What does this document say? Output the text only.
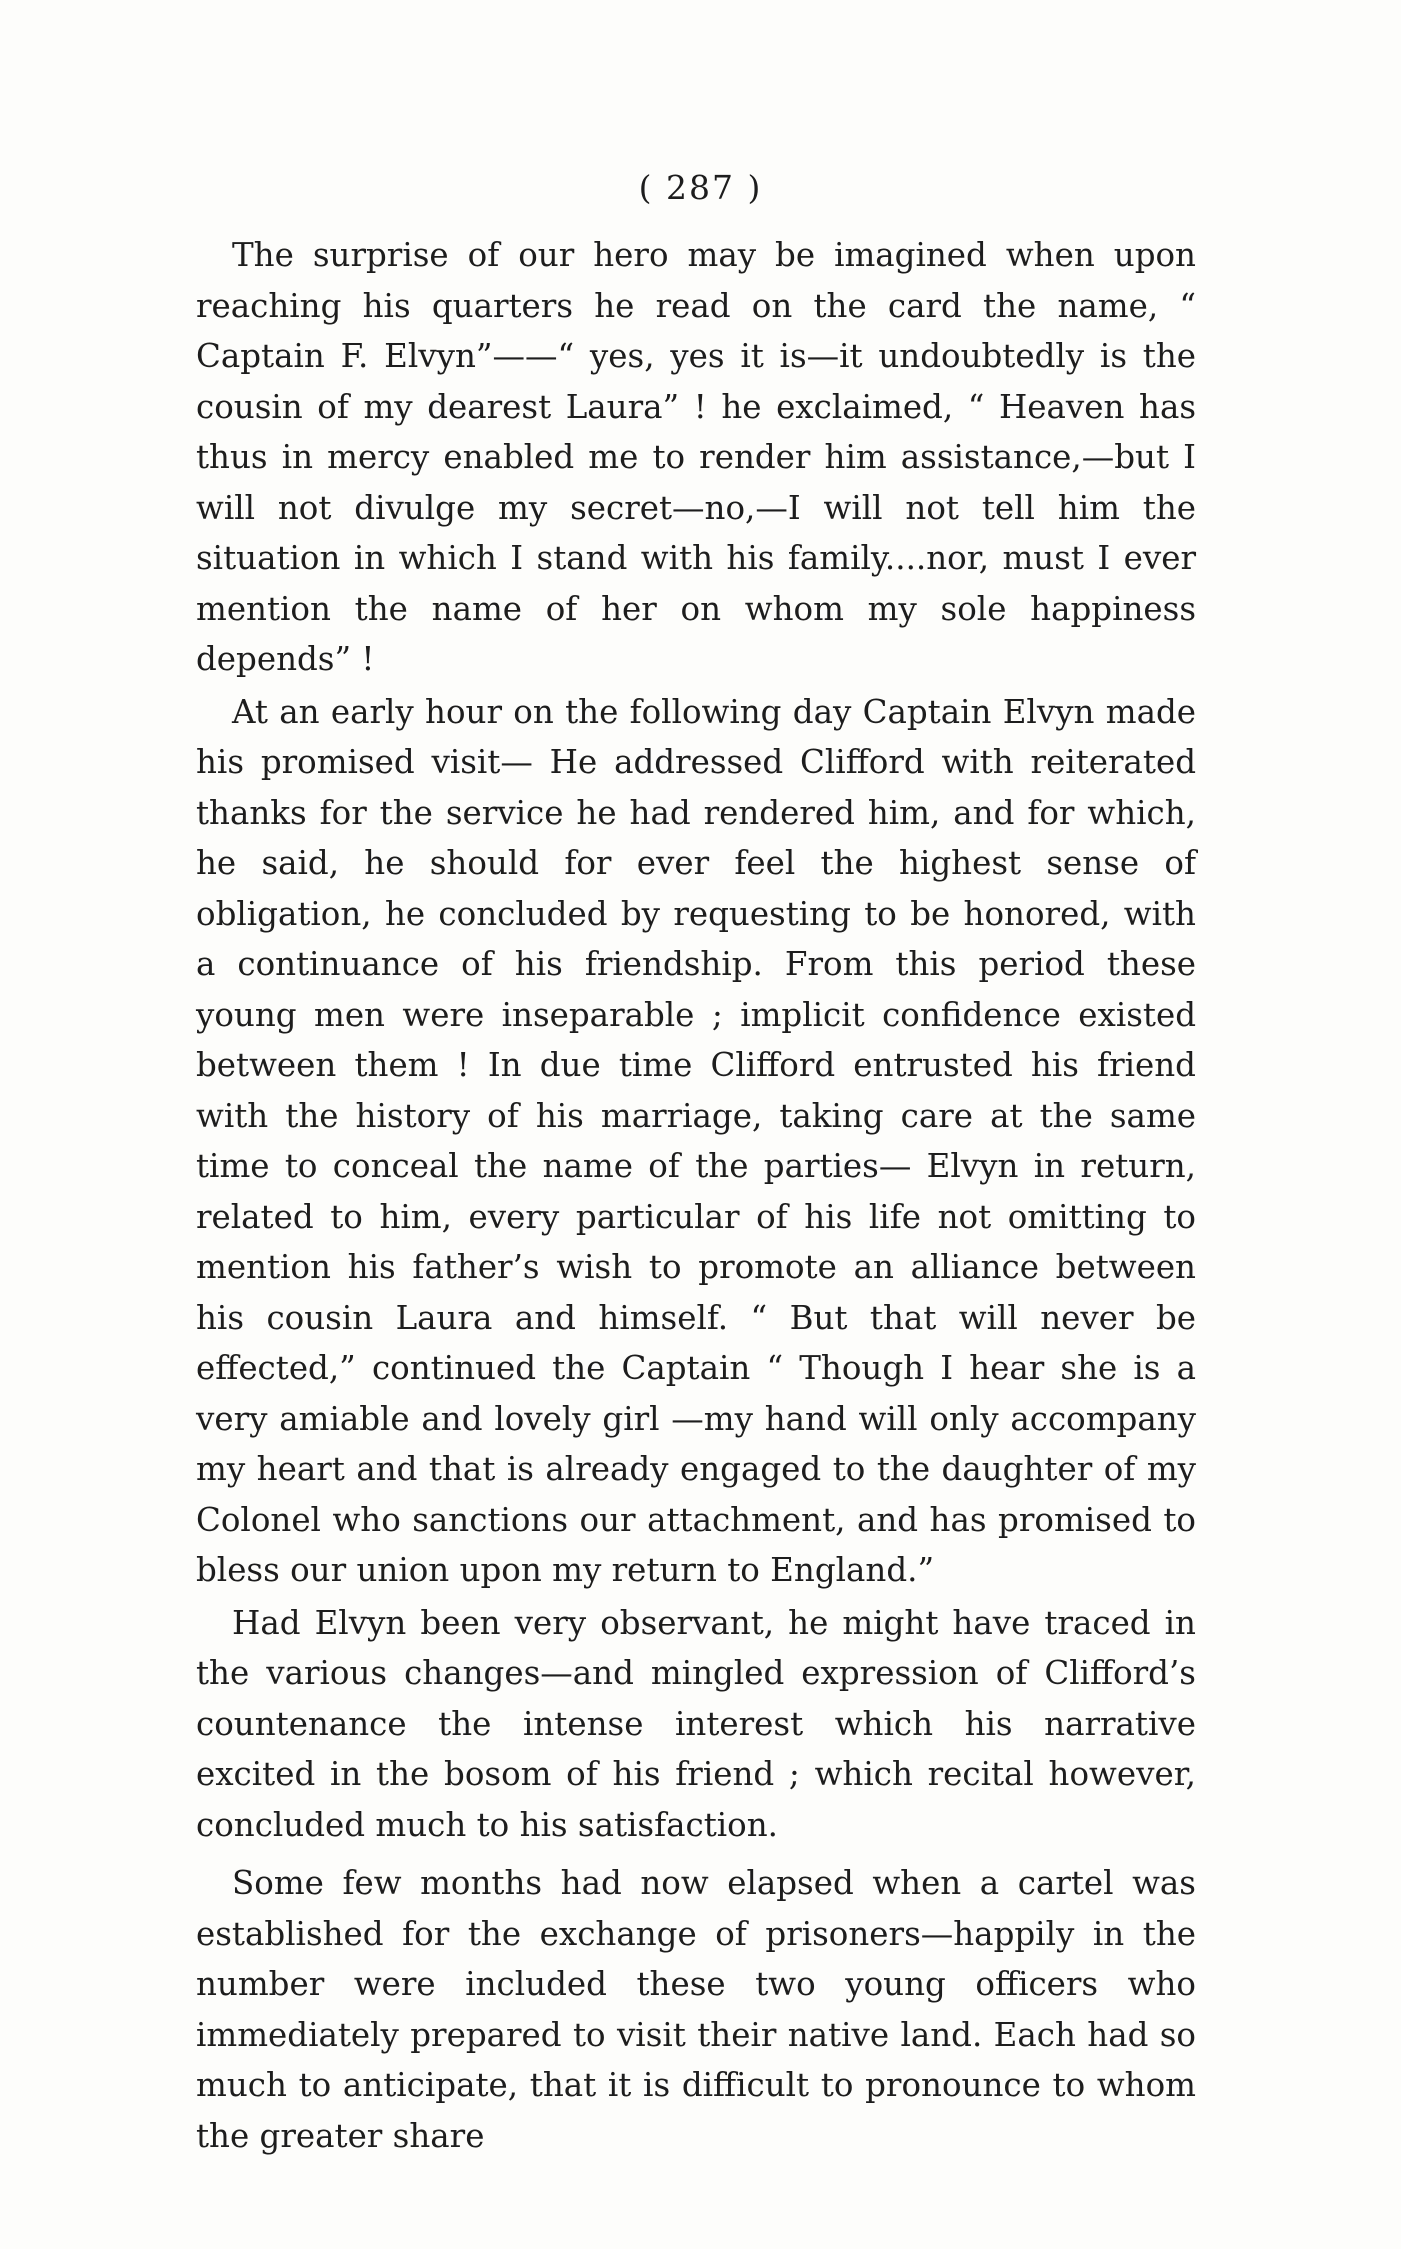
( 287 )

The surprise of our hero may be imagined when upon reaching his quarters he read on the card the name, “ Captain F. Elvyn”——“ yes, yes it is—it undoubtedly is the cousin of my dearest Laura” ! he exclaimed, “ Heaven has thus in mercy enabled me to render him assistance,—but I will not divulge my secret—no,—I will not tell him the situation in which I stand with his family....nor, must I ever mention the name of her on whom my sole happiness depends” !

At an early hour on the following day Captain Elvyn made his promised visit— He addressed Clifford with reiterated thanks for the service he had rendered him, and for which, he said, he should for ever feel the highest sense of obligation, he concluded by requesting to be honored, with a continuance of his friendship. From this period these young men were inseparable ; implicit confidence existed between them ! In due time Clifford entrusted his friend with the history of his marriage, taking care at the same time to conceal the name of the parties— Elvyn in return, related to him, every particular of his life not omitting to mention his father’s wish to promote an alliance between his cousin Laura and himself. “ But that will never be effected,” continued the Captain “ Though I hear she is a very amiable and lovely girl —my hand will only accompany my heart and that is already engaged to the daughter of my Colonel who sanctions our attachment, and has promised to bless our union upon my return to England.”

Had Elvyn been very observant, he might have traced in the various changes—and mingled expression of Clifford’s countenance the intense interest which his narrative excited in the bosom of his friend ; which recital however, concluded much to his satisfaction.

Some few months had now elapsed when a cartel was established for the exchange of prisoners—happily in the number were included these two young officers who immediately prepared to visit their native land. Each had so much to anticipate, that it is difficult to pronounce to whom the greater share
